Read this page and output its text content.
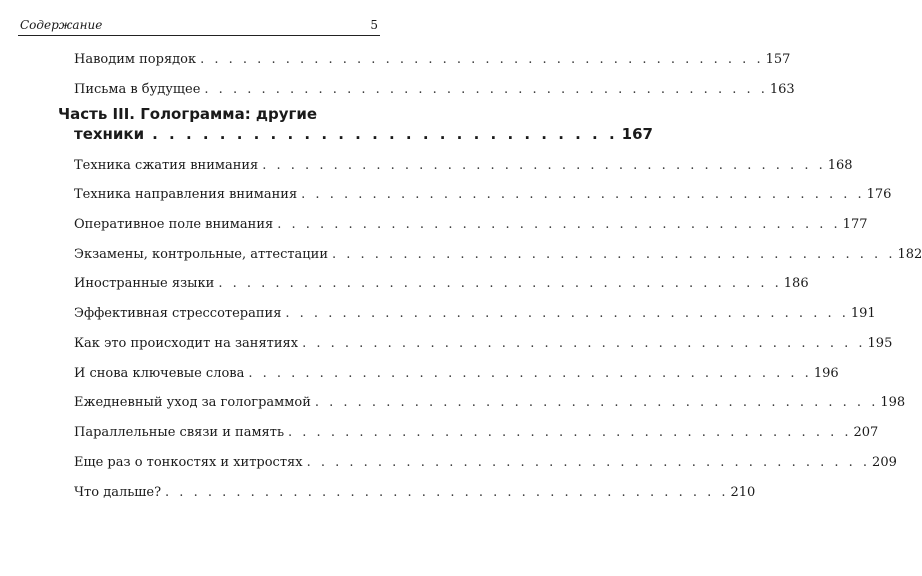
Содержание	5
Наводим порядок . . . . . . . . . . . . . . . . . . . . . . . . . . . . . . . . . . . . . . . . 157
Письма в будущее . . . . . . . . . . . . . . . . . . . . . . . . . . . . . . . . . . . . . . . . 163
Часть III. Голограмма: другие
техники . . . . . . . . . . . . . . . . . . . . . . . . . . . . 167
Техника сжатия внимания . . . . . . . . . . . . . . . . . . . . . . . . . . . . . . . . . . . . . . . . 168
Техника направления внимания . . . . . . . . . . . . . . . . . . . . . . . . . . . . . . . . . . . . . . . . 176
Оперативное поле внимания . . . . . . . . . . . . . . . . . . . . . . . . . . . . . . . . . . . . . . . . 177
Экзамены, контрольные, аттестации . . . . . . . . . . . . . . . . . . . . . . . . . . . . . . . . . . . . . . . . 182
Иностранные языки . . . . . . . . . . . . . . . . . . . . . . . . . . . . . . . . . . . . . . . . 186
Эффективная стрессотерапия . . . . . . . . . . . . . . . . . . . . . . . . . . . . . . . . . . . . . . . . 191
Как это происходит на занятиях . . . . . . . . . . . . . . . . . . . . . . . . . . . . . . . . . . . . . . . . 195
И снова ключевые слова . . . . . . . . . . . . . . . . . . . . . . . . . . . . . . . . . . . . . . . . 196
Ежедневный уход за голограммой . . . . . . . . . . . . . . . . . . . . . . . . . . . . . . . . . . . . . . . . 198
Параллельные связи и память . . . . . . . . . . . . . . . . . . . . . . . . . . . . . . . . . . . . . . . . 207
Еще раз о тонкостях и хитростях . . . . . . . . . . . . . . . . . . . . . . . . . . . . . . . . . . . . . . . . 209
Что дальше? . . . . . . . . . . . . . . . . . . . . . . . . . . . . . . . . . . . . . . . . 210
